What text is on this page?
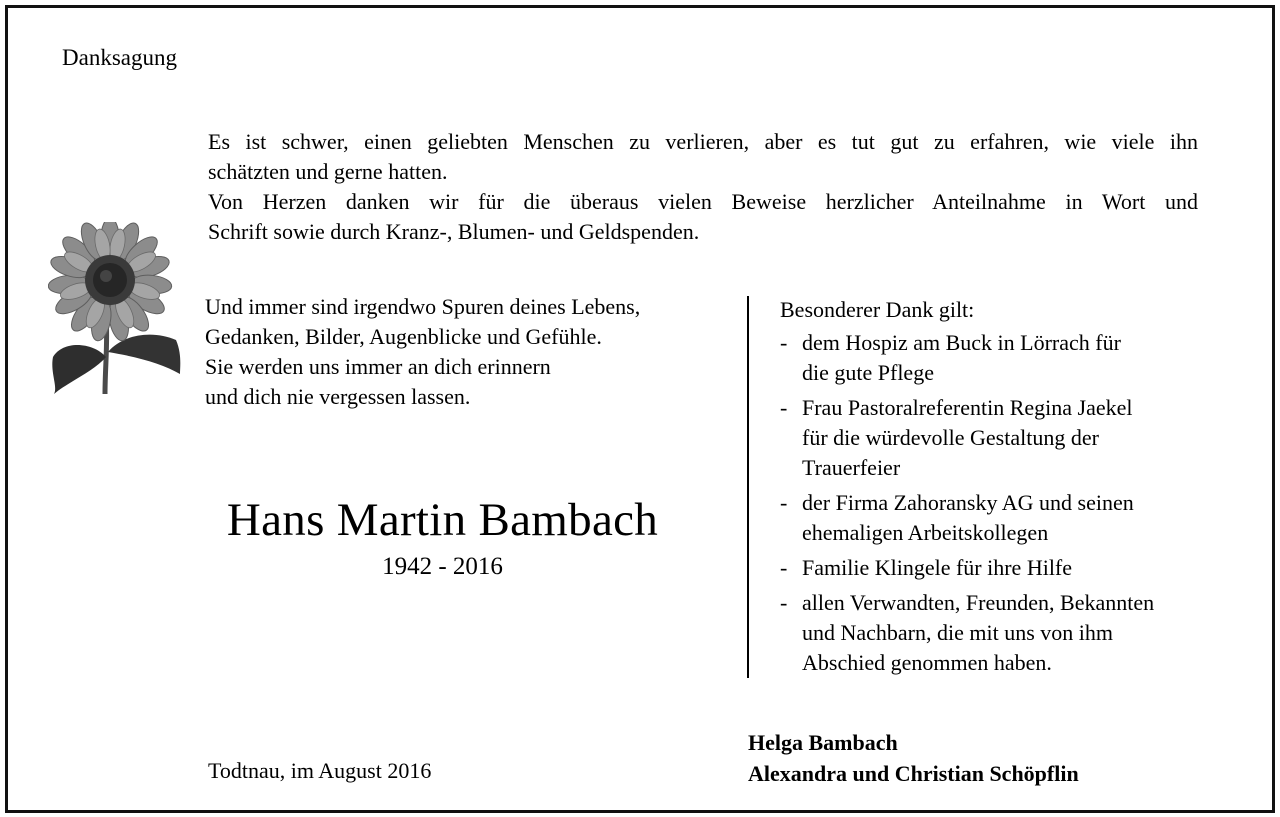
Danksagung

Es ist schwer, einen geliebten Menschen zu verlieren, aber es tut gut zu erfahren, wie viele ihn

schätzten und gerne hatten.

Von Herzen danken wir für die überaus vielen Beweise herzlicher Anteilnahme in Wort und

Schrift sowie durch Kranz-, Blumen- und Geldspenden.

Und immer sind irgendwo Spuren deines Lebens,
Gedanken, Bilder, Augenblicke und Gefühle.
Sie werden uns immer an dich erinnern
und dich nie vergessen lassen.
Hans Martin Bambach
1942 - 2016
Besonderer Dank gilt:
- dem Hospiz am Buck in Lörrach für
die gute Pflege
- Frau Pastoralreferentin Regina Jaekel
für die würdevolle Gestaltung der
Trauerfeier
- der Firma Zahoransky AG und seinen
ehemaligen Arbeitskollegen
- Familie Klingele für ihre Hilfe
- allen Verwandten, Freunden, Bekannten
und Nachbarn, die mit uns von ihm
Abschied genommen haben.
Todtnau, im August 2016
Helga Bambach
Alexandra und Christian Schöpflin
